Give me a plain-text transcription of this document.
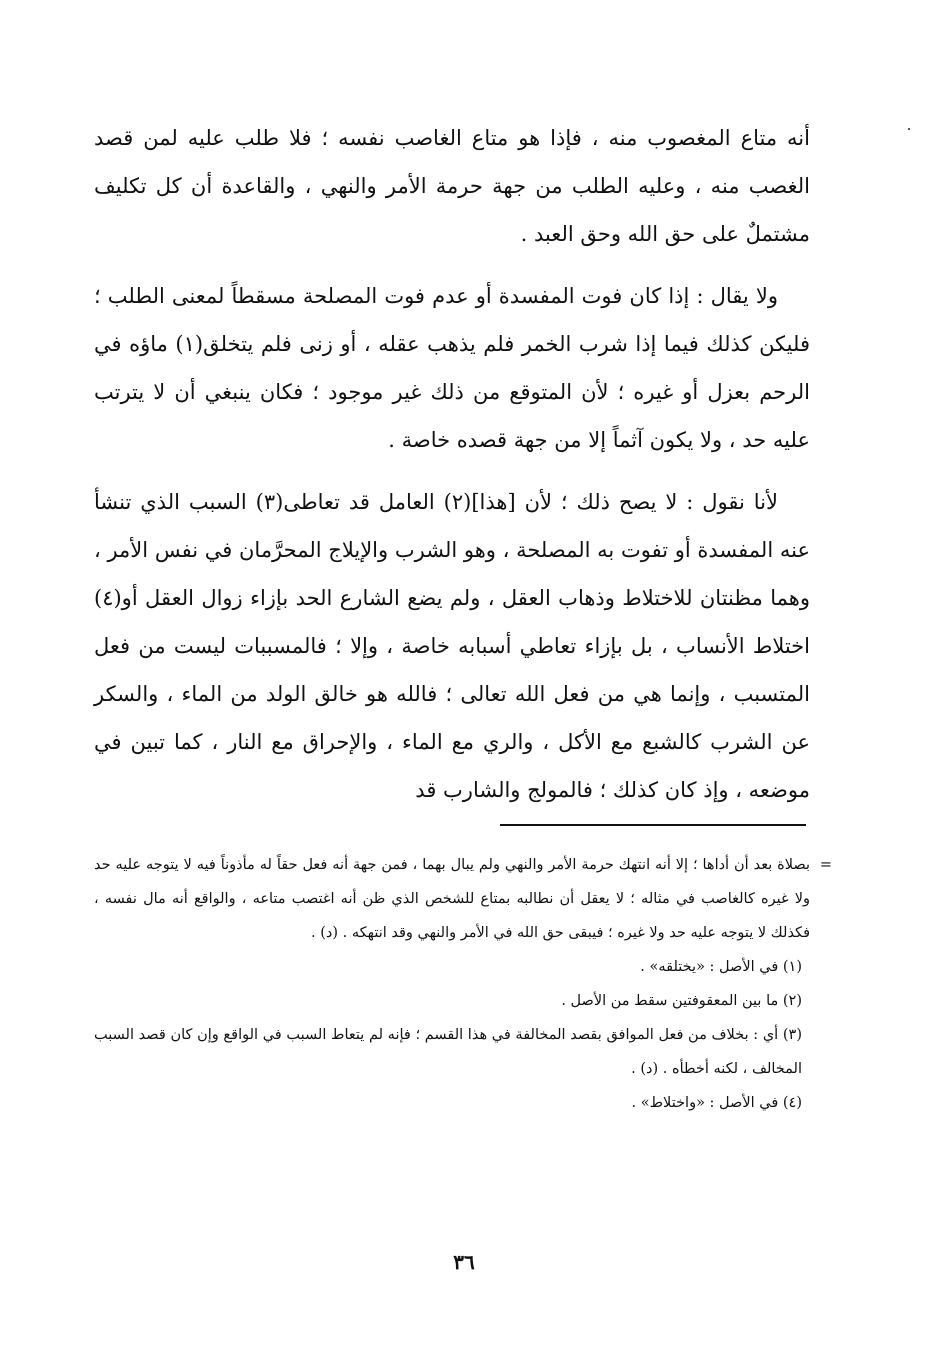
أنه متاع المغصوب منه ، فإذا هو متاع الغاصب نفسه ؛ فلا طلب عليه لمن قصد الغصب منه ، وعليه الطلب من جهة حرمة الأمر والنهي ، والقاعدة أن كل تكليف مشتملٌ على حق الله وحق العبد .

ولا يقال : إذا كان فوت المفسدة أو عدم فوت المصلحة مسقطاً لمعنى الطلب ؛ فليكن كذلك فيما إذا شرب الخمر فلم يذهب عقله ، أو زنى فلم يتخلق(١) ماؤه في الرحم بعزل أو غيره ؛ لأن المتوقع من ذلك غير موجود ؛ فكان ينبغي أن لا يترتب عليه حد ، ولا يكون آثماً إلا من جهة قصده خاصة .

لأنا نقول : لا يصح ذلك ؛ لأن [هذا](٢) العامل قد تعاطى(٣) السبب الذي تنشأ عنه المفسدة أو تفوت به المصلحة ، وهو الشرب والإيلاج المحرَّمان في نفس الأمر ، وهما مظنتان للاختلاط وذهاب العقل ، ولم يضع الشارع الحد بإزاء زوال العقل أو(٤) اختلاط الأنساب ، بل بإزاء تعاطي أسبابه خاصة ، وإلا ؛ فالمسببات ليست من فعل المتسبب ، وإنما هي من فعل الله تعالى ؛ فالله هو خالق الولد من الماء ، والسكر عن الشرب كالشبع مع الأكل ، والري مع الماء ، والإحراق مع النار ، كما تبين في موضعه ، وإذ كان كذلك ؛ فالمولج والشارب قد

=
بصلاة بعد أن أداها ؛ إلا أنه انتهك حرمة الأمر والنهي ولم يبال بهما ، فمن جهة أنه فعل حقاً له مأذوناً فيه لا يتوجه عليه حد ولا غيره كالغاصب في مثاله ؛ لا يعقل أن نطالبه بمتاع للشخص الذي ظن أنه اغتصب متاعه ، والواقع أنه مال نفسه ، فكذلك لا يتوجه عليه حد ولا غيره ؛ فيبقى حق الله في الأمر والنهي وقد انتهكه . (د) .

(١) في الأصل : «يختلقه» .

(٢) ما بين المعقوفتين سقط من الأصل .

(٣) أي : بخلاف من فعل الموافق بقصد المخالفة في هذا القسم ؛ فإنه لم يتعاط السبب في الواقع وإن كان قصد السبب المخالف ، لكنه أخطأه . (د) .

(٤) في الأصل : «واختلاط» .

٣٦
